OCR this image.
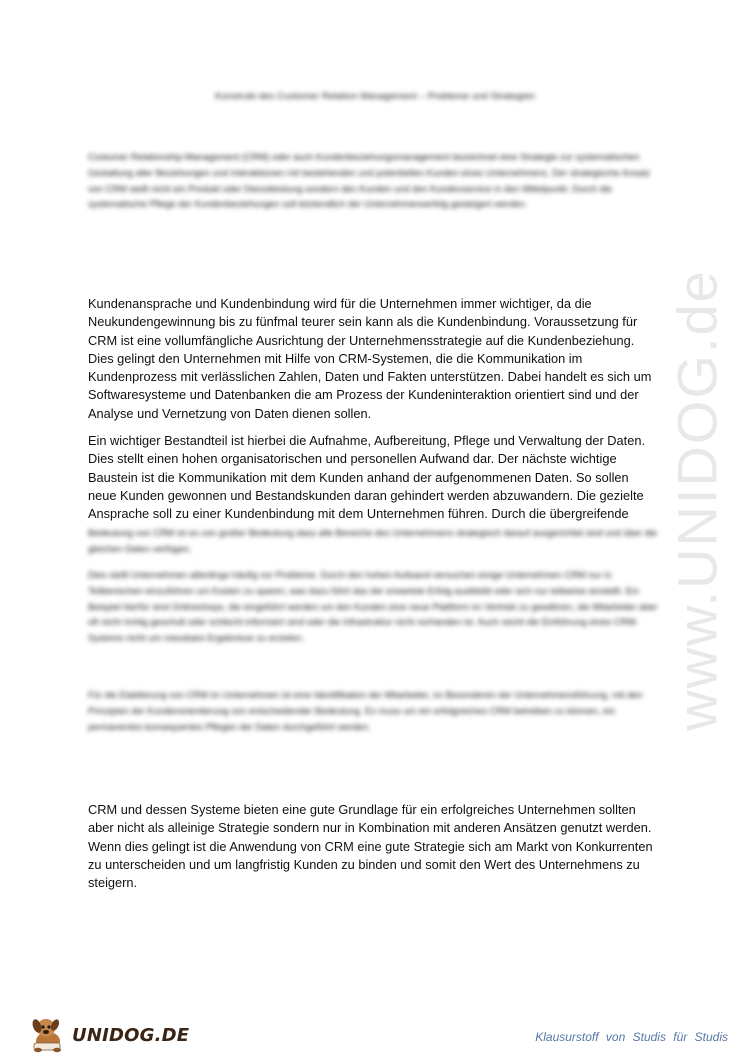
Konstrukt des Customer Relation Management – Probleme und Strategien

Costumer Relationship-Management (CRM) oder auch Kundenbeziehungsmanagement bezeichnet eine Strategie zur systematischen Gestaltung aller Beziehungen und Interaktionen mit bestehenden und potentiellen Kunden eines Unternehmens. Der strategische Ansatz von CRM stellt nicht ein Produkt oder Dienstleistung sondern den Kunden und den Kundenservice in den Mittelpunkt. Durch die systematische Pflege der Kundenbeziehungen soll letztendlich der Unternehmenserfolg gesteigert werden.

Kundenansprache und Kundenbindung wird für die Unternehmen immer wichtiger, da die Neukundengewinnung bis zu fünfmal teurer sein kann als die Kundenbindung. Voraussetzung für CRM ist eine vollumfängliche Ausrichtung der Unternehmensstrategie auf die Kundenbeziehung. Dies gelingt den Unternehmen mit Hilfe von CRM-Systemen, die die Kommunikation im Kundenprozess mit verlässlichen Zahlen, Daten und Fakten unterstützen. Dabei handelt es sich um Softwaresysteme und Datenbanken die am Prozess der Kundeninteraktion orientiert sind und der Analyse und Vernetzung von Daten dienen sollen.

Ein wichtiger Bestandteil ist hierbei die Aufnahme, Aufbereitung, Pflege und Verwaltung der Daten. Dies stellt einen hohen organisatorischen und personellen Aufwand dar. Der nächste wichtige Baustein ist die Kommunikation mit dem Kunden anhand der aufgenommenen Daten. So sollen neue Kunden gewonnen und Bestandskunden daran gehindert werden abzuwandern. Die gezielte Ansprache soll zu einer Kundenbindung mit dem Unternehmen führen. Durch die übergreifende

Bedeutung von CRM ist es von großer Bedeutung dass alle Bereiche des Unternehmens strategisch darauf ausgerichtet sind und über die gleichen Daten verfügen.

Dies stellt Unternehmen allerdings häufig vor Probleme. Durch den hohen Aufwand versuchen einige Unternehmen CRM nur in Teilbereichen einzuführen um Kosten zu sparen, was dazu führt das der erwartete Erfolg ausbleibt oder sich nur teilweise einstellt. Ein Beispiel hierfür sind Onlineshops, die eingeführt werden um den Kunden eine neue Plattform im Vertrieb zu gewähren, die Mitarbeiter aber oft nicht richtig geschult oder schlecht informiert sind oder die Infrastruktur nicht vorhanden ist. Auch reicht die Einführung eines CRM-Systems nicht um messbare Ergebnisse zu erzielen.

Für die Etablierung von CRM im Unternehmen ist eine Identifikation der Mitarbeiter, im Besonderen der Unternehmensführung, mit den Prinzipien der Kundenorientierung von entscheidender Bedeutung. Es muss um ein erfolgreiches CRM betreiben zu können, ein permanentes konsequentes Pflegen der Daten durchgeführt werden.

CRM und dessen Systeme bieten eine gute Grundlage für ein erfolgreiches Unternehmen sollten aber nicht als alleinige Strategie sondern nur in Kombination mit anderen Ansätzen genutzt werden. Wenn dies gelingt ist die Anwendung von CRM eine gute Strategie sich am Markt von Konkurrenten zu unterscheiden und um langfristig Kunden zu binden und somit den Wert des Unternehmens zu steigern.

www.UNIDOG.de
UNIDOG.DE	Klausurstoff von Studis für Studis
